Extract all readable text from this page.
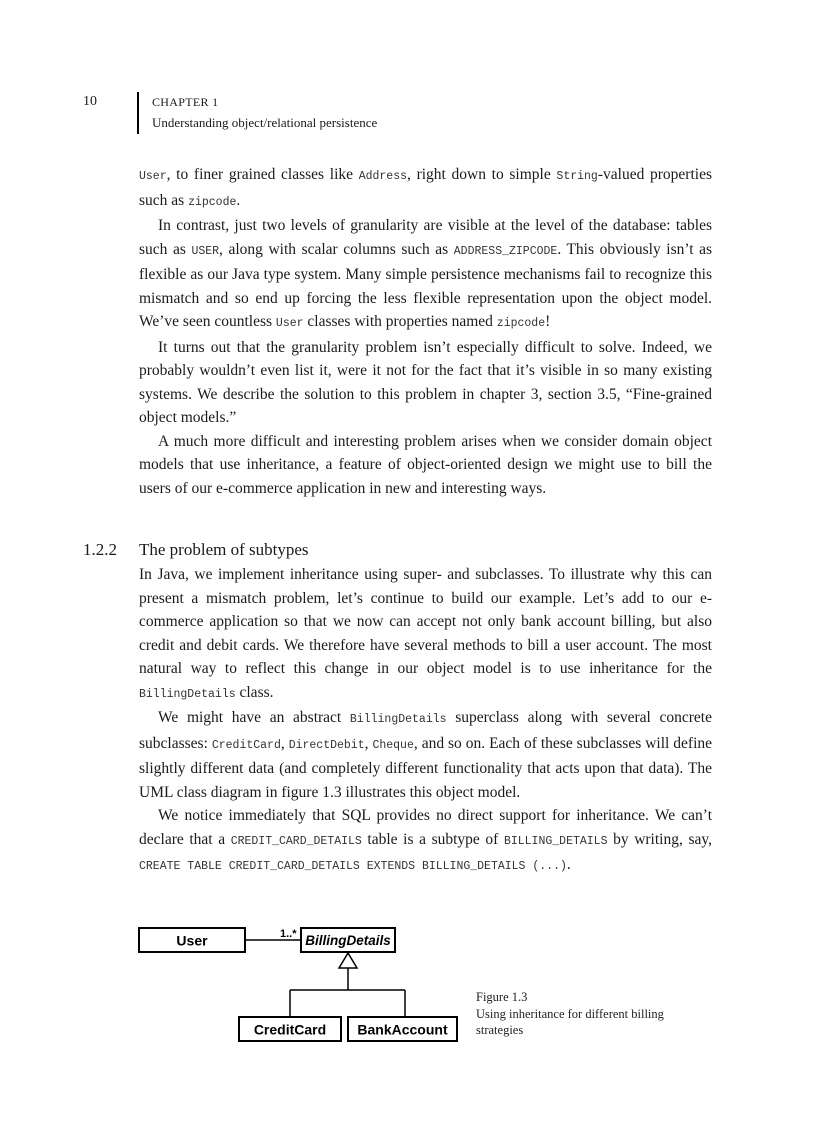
10	CHAPTER 1
Understanding object/relational persistence

User, to finer grained classes like Address, right down to simple String-valued properties such as zipcode.

In contrast, just two levels of granularity are visible at the level of the database: tables such as USER, along with scalar columns such as ADDRESS_ZIPCODE. This obviously isn’t as flexible as our Java type system. Many simple persistence mechanisms fail to recognize this mismatch and so end up forcing the less flexible representation upon the object model. We’ve seen countless User classes with properties named zipcode!

It turns out that the granularity problem isn’t especially difficult to solve. Indeed, we probably wouldn’t even list it, were it not for the fact that it’s visible in so many existing systems. We describe the solution to this problem in chapter 3, section 3.5, “Fine-grained object models.”

A much more difficult and interesting problem arises when we consider domain object models that use inheritance, a feature of object-oriented design we might use to bill the users of our e-commerce application in new and interesting ways.

1.2.2 The problem of subtypes

In Java, we implement inheritance using super- and subclasses. To illustrate why this can present a mismatch problem, let’s continue to build our example. Let’s add to our e-commerce application so that we now can accept not only bank account billing, but also credit and debit cards. We therefore have several methods to bill a user account. The most natural way to reflect this change in our object model is to use inheritance for the BillingDetails class.

We might have an abstract BillingDetails superclass along with several concrete subclasses: CreditCard, DirectDebit, Cheque, and so on. Each of these subclasses will define slightly different data (and completely different functionality that acts upon that data). The UML class diagram in figure 1.3 illustrates this object model.

We notice immediately that SQL provides no direct support for inheritance. We can’t declare that a CREDIT_CARD_DETAILS table is a subtype of BILLING_DETAILS by writing, say, CREATE TABLE CREDIT_CARD_DETAILS EXTENDS BILLING_DETAILS (...).

User	1..* BillingDetails
CreditCard BankAccount
Figure 1.3
Using inheritance for different billing strategies
